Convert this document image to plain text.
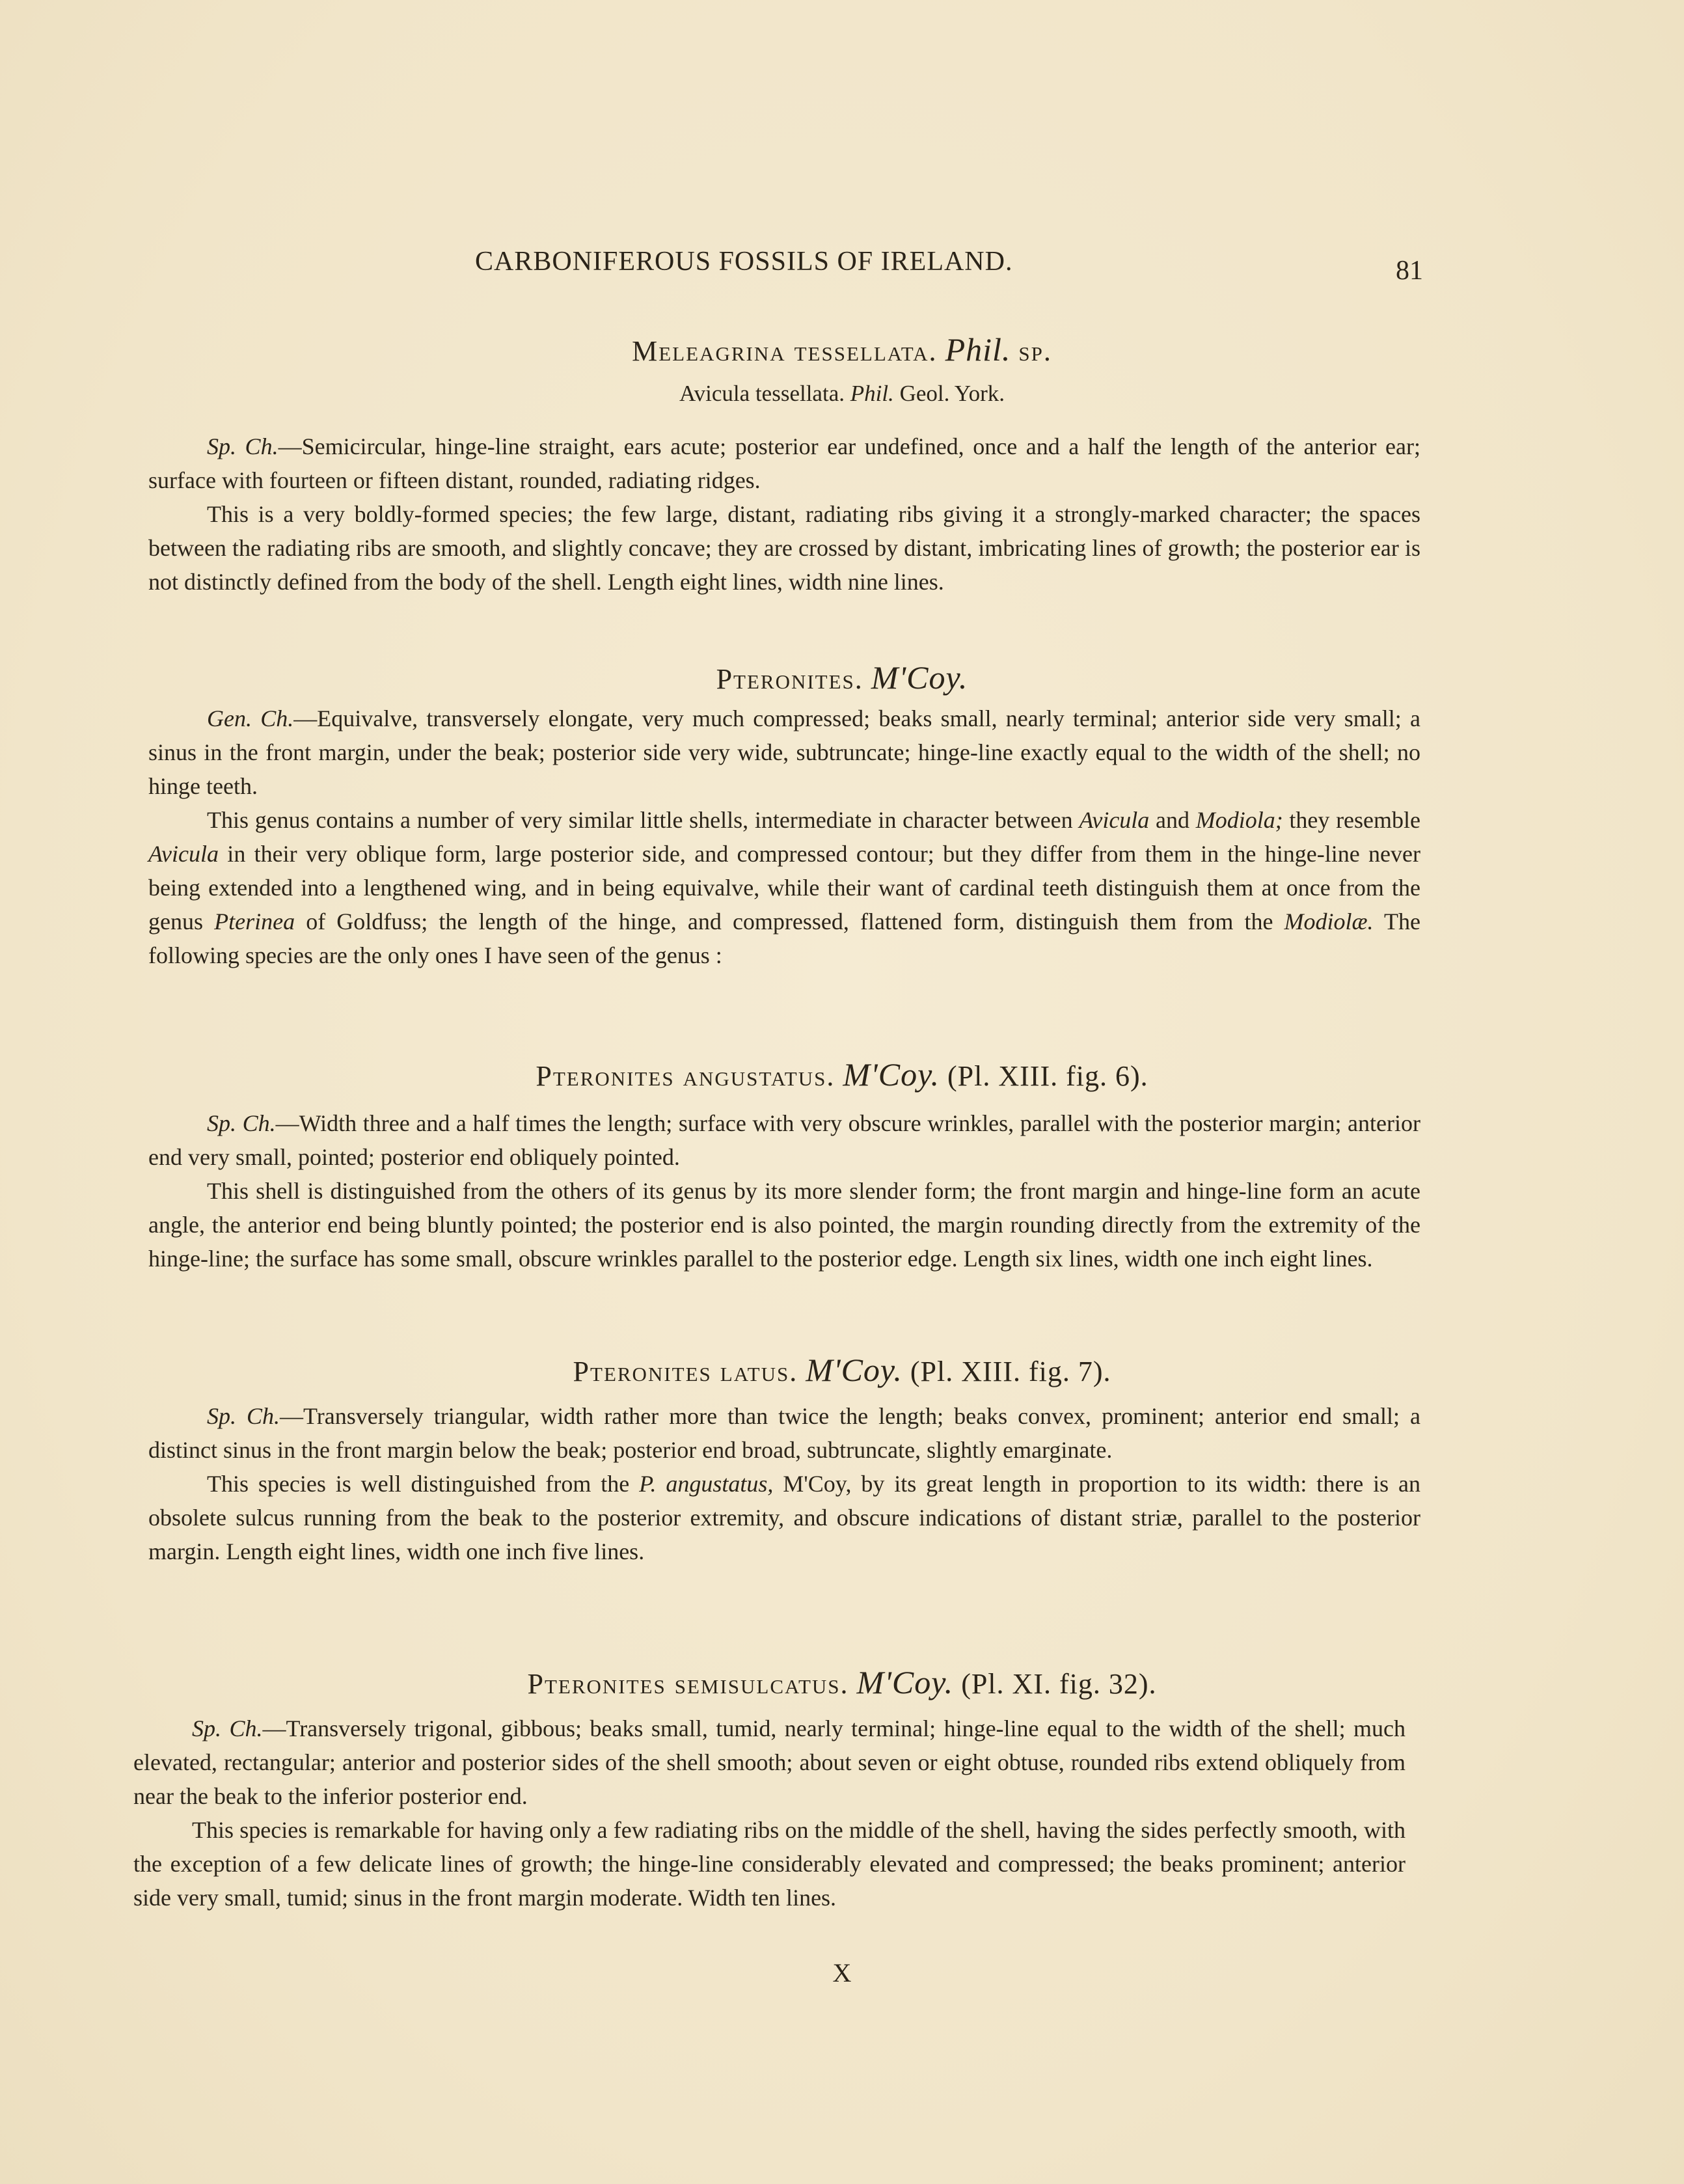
CARBONIFEROUS FOSSILS OF IRELAND.	81
Meleagrina tessellata. Phil. sp.
Avicula tessellata. Phil. Geol. York.

Sp. Ch.—Semicircular, hinge-line straight, ears acute; posterior ear undefined, once and a half the length of the anterior ear; surface with fourteen or fifteen distant, rounded, radiating ridges.

This is a very boldly-formed species; the few large, distant, radiating ribs giving it a strongly-marked character; the spaces between the radiating ribs are smooth, and slightly concave; they are crossed by distant, imbricating lines of growth; the posterior ear is not distinctly defined from the body of the shell. Length eight lines, width nine lines.

Pteronites. M'Coy.

Gen. Ch.—Equivalve, transversely elongate, very much compressed; beaks small, nearly terminal; anterior side very small; a sinus in the front margin, under the beak; posterior side very wide, subtruncate; hinge-line exactly equal to the width of the shell; no hinge teeth.

This genus contains a number of very similar little shells, intermediate in character between Avicula and Modiola; they resemble Avicula in their very oblique form, large posterior side, and compressed contour; but they differ from them in the hinge-line never being extended into a lengthened wing, and in being equivalve, while their want of cardinal teeth distinguish them at once from the genus Pterinea of Goldfuss; the length of the hinge, and compressed, flattened form, distinguish them from the Modiolæ. The following species are the only ones I have seen of the genus :

Pteronites angustatus. M'Coy. (Pl. XIII. fig. 6).

Sp. Ch.—Width three and a half times the length; surface with very obscure wrinkles, parallel with the posterior margin; anterior end very small, pointed; posterior end obliquely pointed.

This shell is distinguished from the others of its genus by its more slender form; the front margin and hinge-line form an acute angle, the anterior end being bluntly pointed; the posterior end is also pointed, the margin rounding directly from the extremity of the hinge-line; the surface has some small, obscure wrinkles parallel to the posterior edge. Length six lines, width one inch eight lines.

Pteronites latus. M'Coy. (Pl. XIII. fig. 7).

Sp. Ch.—Transversely triangular, width rather more than twice the length; beaks convex, prominent; anterior end small; a distinct sinus in the front margin below the beak; posterior end broad, subtruncate, slightly emarginate.

This species is well distinguished from the P. angustatus, M'Coy, by its great length in proportion to its width: there is an obsolete sulcus running from the beak to the posterior extremity, and obscure indications of distant striæ, parallel to the posterior margin. Length eight lines, width one inch five lines.

Pteronites semisulcatus. M'Coy. (Pl. XI. fig. 32).

Sp. Ch.—Transversely trigonal, gibbous; beaks small, tumid, nearly terminal; hinge-line equal to the width of the shell; much elevated, rectangular; anterior and posterior sides of the shell smooth; about seven or eight obtuse, rounded ribs extend obliquely from near the beak to the inferior posterior end.

This species is remarkable for having only a few radiating ribs on the middle of the shell, having the sides perfectly smooth, with the exception of a few delicate lines of growth; the hinge-line considerably elevated and compressed; the beaks prominent; anterior side very small, tumid; sinus in the front margin moderate. Width ten lines.

X
